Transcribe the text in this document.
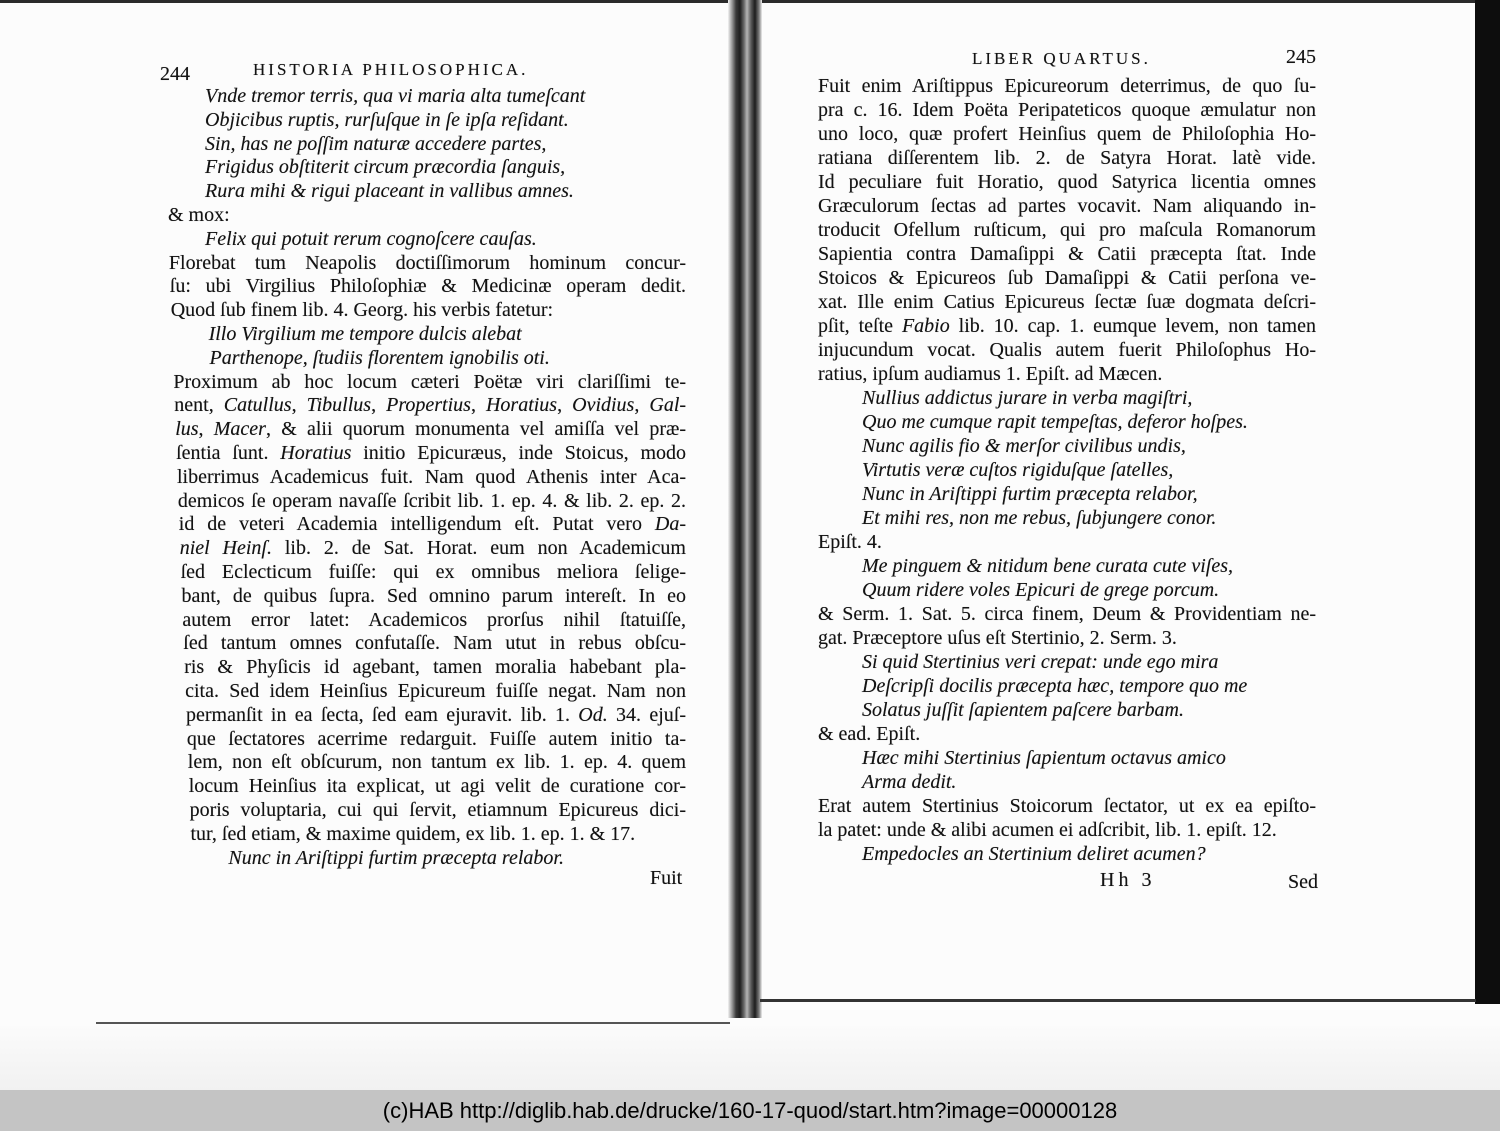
244	HISTORIA PHILOSOPHICA.
Vnde tremor terris, qua vi maria alta tumeſcant
Objicibus ruptis, rurſuſque in ſe ipſa reſidant.
Sin, has ne poſſim naturæ accedere partes,
Frigidus obſtiterit circum præcordia ſanguis,
Rura mihi & rigui placeant in vallibus amnes.
& mox:
Felix qui potuit rerum cognoſcere cauſas.
Florebat tum Neapolis doctiſſimorum hominum concur-
ſu: ubi Virgilius Philoſophiæ & Medicinæ operam dedit.
Quod ſub finem lib. 4. Georg. his verbis fatetur:
Illo Virgilium me tempore dulcis alebat
Parthenope, ſtudiis florentem ignobilis oti.
Proximum ab hoc locum cæteri Poëtæ viri clariſſimi te-
nent, Catullus, Tibullus, Propertius, Horatius, Ovidius, Gal-
lus, Macer, & alii quorum monumenta vel amiſſa vel præ-
ſentia ſunt. Horatius initio Epicuræus, inde Stoicus, modo
liberrimus Academicus fuit. Nam quod Athenis inter Aca-
demicos ſe operam navaſſe ſcribit lib. 1. ep. 4. & lib. 2. ep. 2.
id de veteri Academia intelligendum eſt. Putat vero Da-
niel Heinſ. lib. 2. de Sat. Horat. eum non Academicum
ſed Eclecticum fuiſſe: qui ex omnibus meliora ſelige-
bant, de quibus ſupra. Sed omnino parum intereſt. In eo
autem error latet: Academicos prorſus nihil ſtatuiſſe,
ſed tantum omnes confutaſſe. Nam utut in rebus obſcu-
ris & Phyſicis id agebant, tamen moralia habebant pla-
cita. Sed idem Heinſius Epicureum fuiſſe negat. Nam non
permanſit in ea ſecta, ſed eam ejuravit. lib. 1. Od. 34. ejuſ-
que ſectatores acerrime redarguit. Fuiſſe autem initio ta-
lem, non eſt obſcurum, non tantum ex lib. 1. ep. 4. quem
locum Heinſius ita explicat, ut agi velit de curatione cor-
poris voluptaria, cui qui ſervit, etiamnum Epicureus dici-
tur, ſed etiam, & maxime quidem, ex lib. 1. ep. 1. & 17.
Nunc in Ariſtippi furtim præcepta relabor.
Fuit
LIBER QUARTUS.	245
Fuit enim Ariſtippus Epicureorum deterrimus, de quo ſu-
pra c. 16. Idem Poëta Peripateticos quoque æmulatur non
uno loco, quæ profert Heinſius quem de Philoſophia Ho-
ratiana diſſerentem lib. 2. de Satyra Horat. latè vide.
Id peculiare fuit Horatio, quod Satyrica licentia omnes
Græculorum ſectas ad partes vocavit. Nam aliquando in-
troducit Ofellum ruſticum, qui pro maſcula Romanorum
Sapientia contra Damaſippi & Catii præcepta ſtat. Inde
Stoicos & Epicureos ſub Damaſippi & Catii perſona ve-
xat. Ille enim Catius Epicureus ſectæ ſuæ dogmata deſcri-
pſit, teſte Fabio lib. 10. cap. 1. eumque levem, non tamen
injucundum vocat. Qualis autem fuerit Philoſophus Ho-
ratius, ipſum audiamus 1. Epiſt. ad Mæcen.
Nullius addictus jurare in verba magiſtri,
Quo me cumque rapit tempeſtas, deferor hoſpes.
Nunc agilis fio & merſor civilibus undis,
Virtutis veræ cuſtos rigiduſque ſatelles,
Nunc in Ariſtippi furtim præcepta relabor,
Et mihi res, non me rebus, ſubjungere conor.
Epiſt. 4.
Me pinguem & nitidum bene curata cute viſes,
Quum ridere voles Epicuri de grege porcum.
& Serm. 1. Sat. 5. circa finem, Deum & Providentiam ne-
gat. Præceptore uſus eſt Stertinio, 2. Serm. 3.
Si quid Stertinius veri crepat: unde ego mira
Deſcripſi docilis præcepta hæc, tempore quo me
Solatus juſſit ſapientem paſcere barbam.
& ead. Epiſt.
Hæc mihi Stertinius ſapientum octavus amico
Arma dedit.
Erat autem Stertinius Stoicorum ſectator, ut ex ea epiſto-
la patet: unde & alibi acumen ei adſcribit, lib. 1. epiſt. 12.
Empedocles an Stertinium deliret acumen?
Hh 3	Sed
(c)HAB http://diglib.hab.de/drucke/160-17-quod/start.htm?image=00000128
